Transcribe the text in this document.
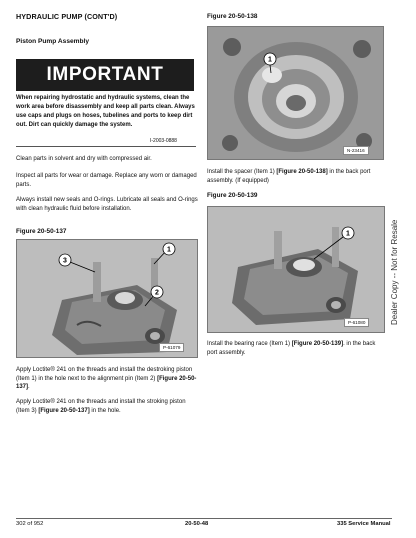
HYDRAULIC PUMP (CONT'D)
Piston Pump Assembly
IMPORTANT
When repairing hydrostatic and hydraulic systems, clean the work area before disassembly and keep all parts clean. Always use caps and plugs on hoses, tubelines and ports to keep dirt out. Dirt can quickly damage the system.
I-2003-0888
Clean parts in solvent and dry with compressed air.
Inspect all parts for wear or damage. Replace any worn or damaged parts.
Always install new seals and O-rings. Lubricate all seals and O-rings with clean hydraulic fluid before installation.
Figure 20-50-137
3
1
2
P-61079
Apply Loctite® 241 on the threads and install the destroking piston (Item 1) in the hole next to the alignment pin (Item 2) [Figure 20-50-137].
Apply Loctite® 241 on the threads and install the stroking piston (Item 3) [Figure 20-50-137] in the hole.
Figure 20-50-138
1
N-23416
Install the spacer (Item 1) [Figure 20-50-138] in the back port assembly. (If equipped)
Figure 20-50-139
1
P-61080
Install the bearing race (Item 1) [Figure 20-50-139]. in the back port assembly.
Dealer Copy -- Not for Resale
302 of 952	20-50-48	335 Service Manual
